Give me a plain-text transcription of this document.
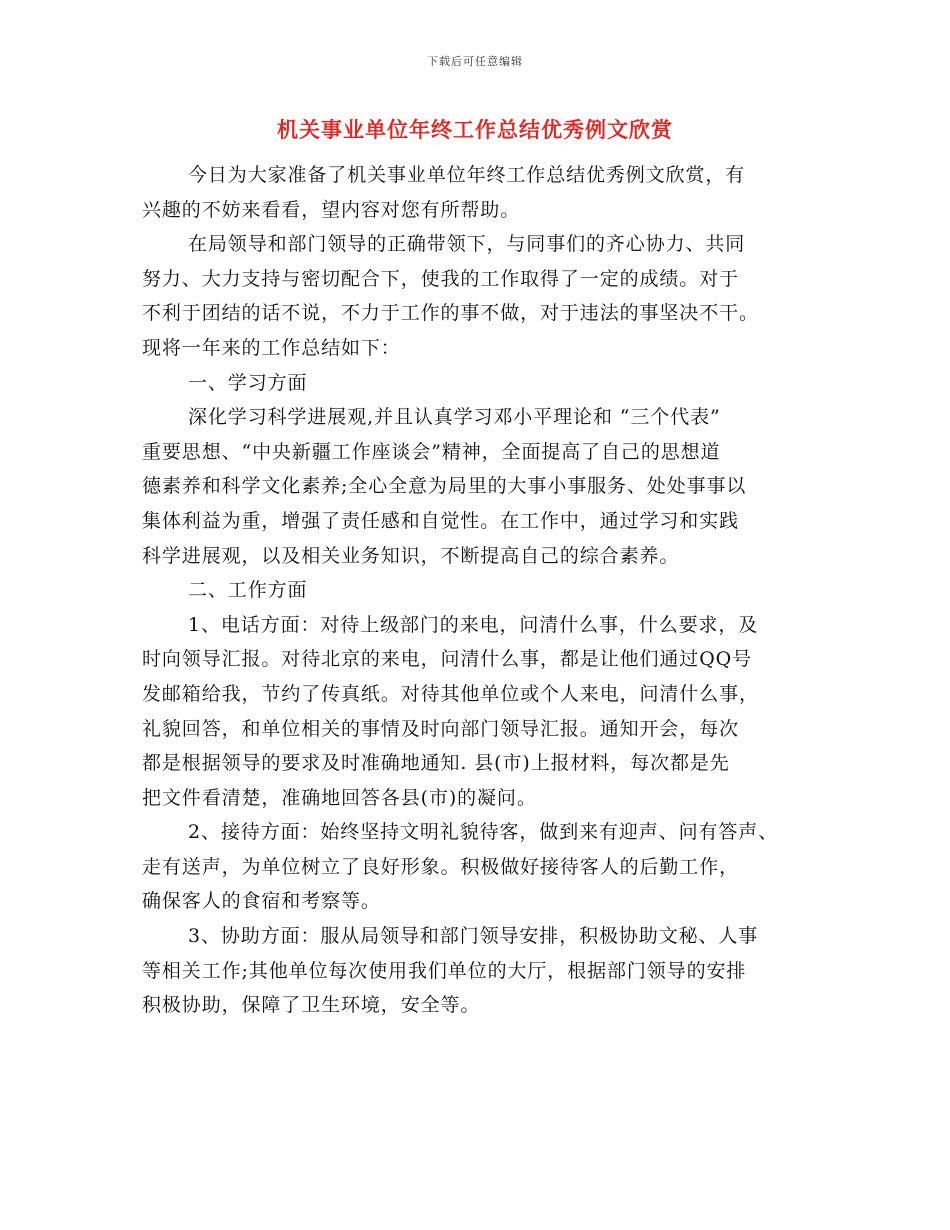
下载后可任意编辑
机关事业单位年终工作总结优秀例文欣赏
今日为大家准备了机关事业单位年终工作总结优秀例文欣赏，有
兴趣的不妨来看看，望内容对您有所帮助。
在局领导和部门领导的正确带领下，与同事们的齐心协力、共同
努力、大力支持与密切配合下，使我的工作取得了一定的成绩。对于
不利于团结的话不说，不力于工作的事不做，对于违法的事坚决不干。
现将一年来的工作总结如下：
一、学习方面
深化学习科学进展观,并且认真学习邓小平理论和 “三个代表”
重要思想、“中央新疆工作座谈会”精神，全面提高了自己的思想道
德素养和科学文化素养;全心全意为局里的大事小事服务、处处事事以
集体利益为重，增强了责任感和自觉性。在工作中，通过学习和实践
科学进展观，以及相关业务知识，不断提高自己的综合素养。
二、工作方面
1、电话方面：对待上级部门的来电，问清什么事，什么要求，及
时向领导汇报。对待北京的来电，问清什么事，都是让他们通过QQ号
发邮箱给我，节约了传真纸。对待其他单位或个人来电，问清什么事，
礼貌回答，和单位相关的事情及时向部门领导汇报。通知开会，每次
都是根据领导的要求及时准确地通知. 县(市)上报材料，每次都是先
把文件看清楚，准确地回答各县(市)的凝问。
2、接待方面：始终坚持文明礼貌待客，做到来有迎声、问有答声、
走有送声，为单位树立了良好形象。积极做好接待客人的后勤工作，
确保客人的食宿和考察等。
3、协助方面：服从局领导和部门领导安排，积极协助文秘、人事
等相关工作;其他单位每次使用我们单位的大厅，根据部门领导的安排
积极协助，保障了卫生环境，安全等。
